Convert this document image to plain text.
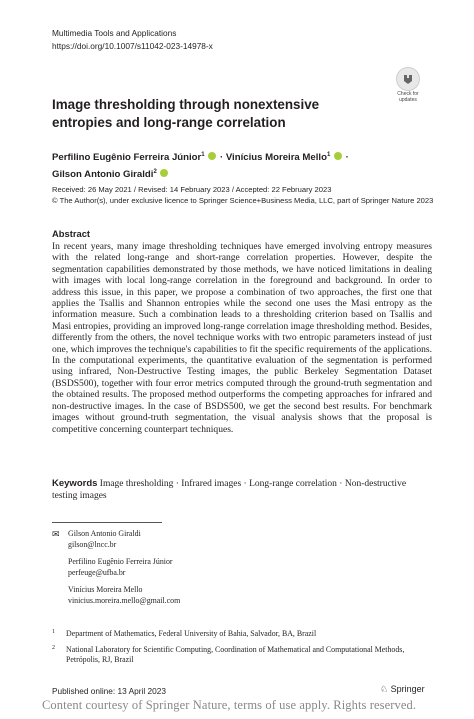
Multimedia Tools and Applications
https://doi.org/10.1007/s11042-023-14978-x
Check for
updates
Image thresholding through nonextensive entropies and long-range correlation
Perfilino Eugênio Ferreira Júnior$^1$ · Vinícius Moreira Mello$^1$ ·
Gilson Antonio Giraldi$^2$
Received: 26 May 2021 / Revised: 14 February 2023 / Accepted: 22 February 2023
© The Author(s), under exclusive licence to Springer Science+Business Media, LLC, part of Springer Nature 2023
Abstract
In recent years, many image thresholding techniques have emerged involving entropy measures with the related long-range and short-range correlation properties. However, despite the segmentation capabilities demonstrated by those methods, we have noticed limitations in dealing with images with local long-range correlation in the foreground and background. In order to address this issue, in this paper, we propose a combination of two approaches, the first one that applies the Tsallis and Shannon entropies while the second one uses the Masi entropy as the information measure. Such a combination leads to a thresholding criterion based on Tsallis and Masi entropies, providing an improved long-range correlation image thresholding method. Besides, differently from the others, the novel technique works with two entropic parameters instead of just one, which improves the technique's capabilities to fit the specific requirements of the applications. In the computational experiments, the quantitative evaluation of the segmentation is performed using infrared, Non-Destructive Testing images, the public Berkeley Segmentation Dataset (BSDS500), together with four error metrics computed through the ground-truth segmentation and the obtained results. The proposed method outperforms the competing approaches for infrared and non-destructive images. In the case of BSDS500, we get the second best results. For benchmark images without ground-truth segmentation, the visual analysis shows that the proposal is competitive concerning counterpart techniques.
Keywords Image thresholding · Infrared images · Long-range correlation · Non-destructive testing images
✉ Gilson Antonio Giraldi
gilson@lncc.br
Perfilino Eugênio Ferreira Júnior
perfeuge@ufba.br
Vinícius Moreira Mello
vinicius.moreira.mello@gmail.com
1 Department of Mathematics, Federal University of Bahia, Salvador, BA, Brazil
2 National Laboratory for Scientific Computing, Coordination of Mathematical and Computational Methods, Petrópolis, RJ, Brazil
Published online: 13 April 2023	♘ Springer
Content courtesy of Springer Nature, terms of use apply. Rights reserved.
